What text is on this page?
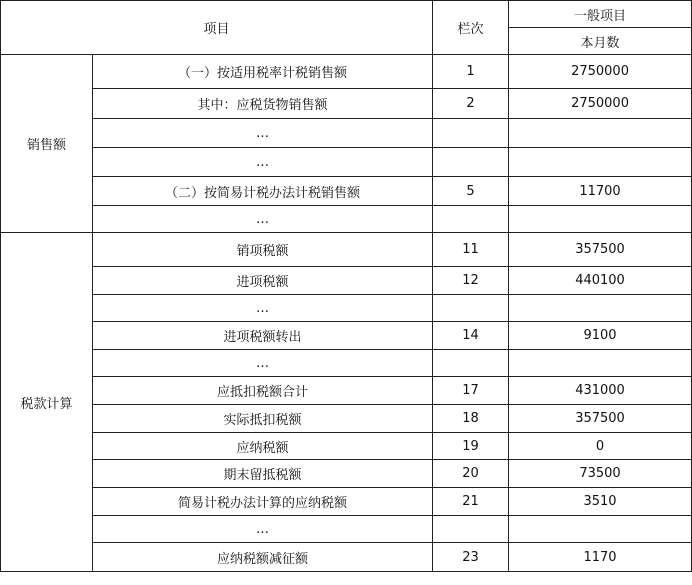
项目		栏次	一般项目
			本月数
销售额	（一）按适用税率计税销售额	1	2750000
	其中：应税货物销售额	2	2750000
	…		
	…		
	（二）按简易计税办法计税销售额	5	11700
	…		
税款计算	销项税额	11	357500
	进项税额	12	440100
	…		
	进项税额转出	14	9100
	…		
	应抵扣税额合计	17	431000
	实际抵扣税额	18	357500
	应纳税额	19	0
	期末留抵税额	20	73500
	简易计税办法计算的应纳税额	21	3510
	…		
	应纳税额减征额	23	1170
